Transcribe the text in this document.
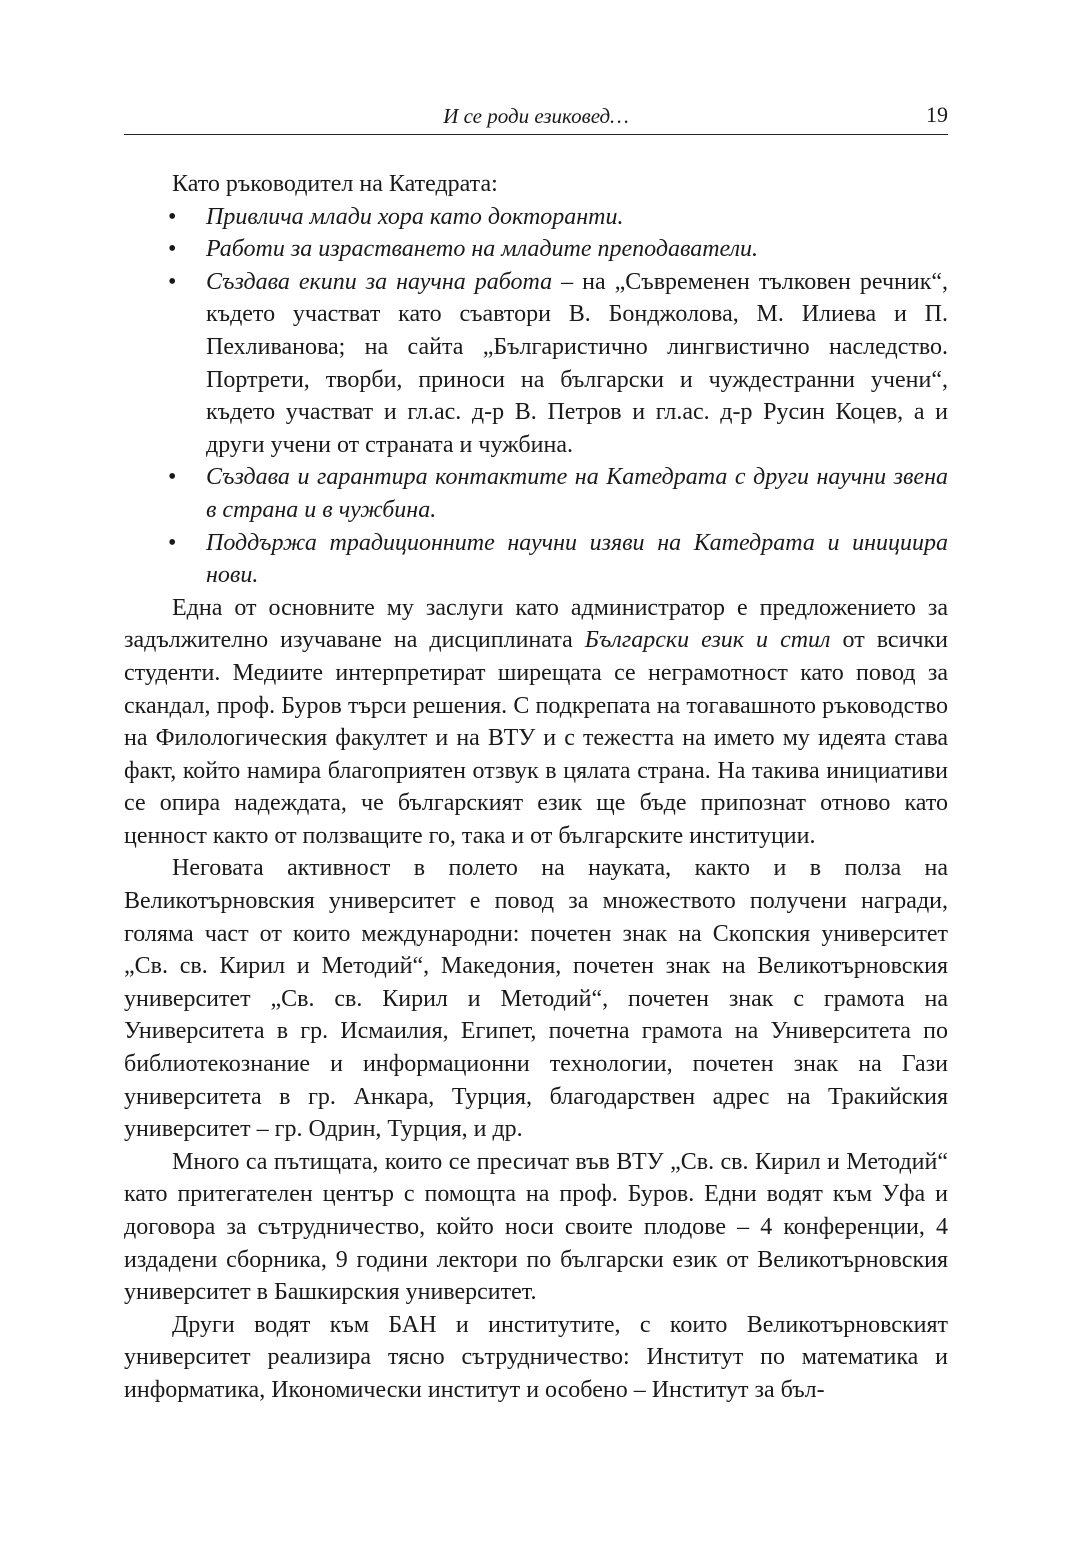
И се роди езиковед…	19
Като ръководител на Катедрата:
• Привлича млади хора като докторанти.
• Работи за израстването на младите преподаватели.
• Създава екипи за научна работа – на „Съвременен тълковен речник“, където участват като съавтори В. Бонджолова, М. Илиева и П. Пехливанова; на сайта „Българистично лингвистично наследство. Портрети, творби, приноси на български и чуждестранни учени“, където участват и гл.ас. д-р В. Петров и гл.ас. д-р Русин Коцев, а и други учени от страната и чужбина.
• Създава и гарантира контактите на Катедрата с други научни звена в страна и в чужбина.
• Поддържа традиционните научни изяви на Катедрата и инициира нови.

Една от основните му заслуги като администратор е предложението за задължително изучаване на дисциплината Български език и стил от всички студенти. Медиите интерпретират ширещата се неграмотност като повод за скандал, проф. Буров търси решения. С подкрепата на тогавашното ръководство на Филологическия факултет и на ВТУ и с тежестта на името му идеята става факт, който намира благоприятен отзвук в цялата страна. На такива инициативи се опира надеждата, че българският език ще бъде припознат отново като ценност както от ползващите го, така и от българските институции.

Неговата активност в полето на науката, както и в полза на Великотърновския университет е повод за множеството получени награди, голяма част от които международни: почетен знак на Скопския университет „Св. св. Кирил и Методий“, Македония, почетен знак на Великотърновския университет „Св. св. Кирил и Методий“, почетен знак с грамота на Университета в гр. Исмаилия, Египет, почетна грамота на Университета по библиотекознание и информационни технологии, почетен знак на Гази университета в гр. Анкара, Турция, благодарствен адрес на Тракийския университет – гр. Одрин, Турция, и др.

Много са пътищата, които се пресичат във ВТУ „Св. св. Кирил и Методий“ като притегателен център с помощта на проф. Буров. Едни водят към Уфа и договора за сътрудничество, който носи своите плодове – 4 конференции, 4 издадени сборника, 9 години лектори по български език от Великотърновския университет в Башкирския университет.

Други водят към БАН и институтите, с които Великотърновският университет реализира тясно сътрудничество: Институт по математика и информатика, Икономически институт и особено – Институт за бъл-
